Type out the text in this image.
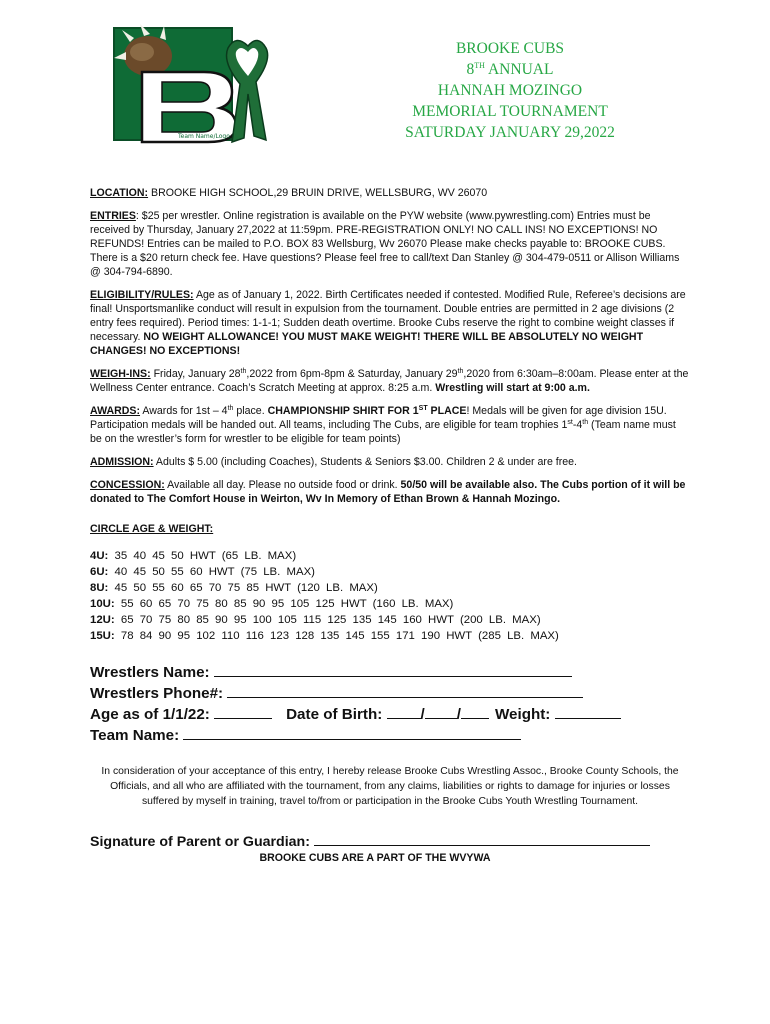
Team Name/Logo
BROOKE CUBS
8TH ANNUAL
HANNAH MOZINGO
MEMORIAL TOURNAMENT
SATURDAY JANUARY 29,2022

LOCATION: BROOKE HIGH SCHOOL,29 BRUIN DRIVE, WELLSBURG, WV 26070

ENTRIES: $25 per wrestler. Online registration is available on the PYW website (www.pywrestling.com) Entries must be received by Thursday, January 27,2022 at 11:59pm. PRE-REGISTRATION ONLY! NO CALL INS! NO EXCEPTIONS! NO REFUNDS! Entries can be mailed to P.O. BOX 83 Wellsburg, Wv 26070 Please make checks payable to: BROOKE CUBS. There is a $20 return check fee. Have questions? Please feel free to call/text Dan Stanley @ 304-479-0511 or Allison Williams @ 304-794-6890.

ELIGIBILITY/RULES: Age as of January 1, 2022. Birth Certificates needed if contested. Modified Rule, Referee’s decisions are final! Unsportsmanlike conduct will result in expulsion from the tournament. Double entries are permitted in 2 age divisions (2 entry fees required). Period times: 1-1-1; Sudden death overtime. Brooke Cubs reserve the right to combine weight classes if necessary. NO WEIGHT ALLOWANCE! YOU MUST MAKE WEIGHT! THERE WILL BE ABSOLUTELY NO WEIGHT CHANGES! NO EXCEPTIONS!

WEIGH-INS: Friday, January 28th,2022 from 6pm-8pm & Saturday, January 29th,2020 from 6:30am–8:00am. Please enter at the Wellness Center entrance. Coach’s Scratch Meeting at approx. 8:25 a.m. Wrestling will start at 9:00 a.m.

AWARDS: Awards for 1st – 4th place. CHAMPIONSHIP SHIRT FOR 1ST PLACE! Medals will be given for age division 15U. Participation medals will be handed out. All teams, including The Cubs, are eligible for team trophies 1st-4th (Team name must be on the wrestler’s form for wrestler to be eligible for team points)

ADMISSION: Adults $ 5.00 (including Coaches), Students & Seniors $3.00. Children 2 & under are free.

CONCESSION: Available all day. Please no outside food or drink. 50/50 will be available also. The Cubs portion of it will be donated to The Comfort House in Weirton, Wv In Memory of Ethan Brown & Hannah Mozingo.

CIRCLE AGE & WEIGHT:

4U: 35 40 45 50 HWT (65 LB. MAX)
6U: 40 45 50 55 60 HWT (75 LB. MAX)
8U: 45 50 55 60 65 70 75 85 HWT (120 LB. MAX)
10U: 55 60 65 70 75 80 85 90 95 105 125 HWT (160 LB. MAX)
12U: 65 70 75 80 85 90 95 100 105 115 125 135 145 160 HWT (200 LB. MAX)
15U: 78 84 90 95 102 110 116 123 128 135 145 155 171 190 HWT (285 LB. MAX)
Wrestlers Name:
Wrestlers Phone#:
Age as of 1/1/22:	Date of Birth: / / Weight:
Team Name:
In consideration of your acceptance of this entry, I hereby release Brooke Cubs Wrestling Assoc., Brooke County Schools, the Officials, and all who are affiliated with the tournament, from any claims, liabilities or rights to damage for injuries or losses suffered by myself in training, travel to/from or participation in the Brooke Cubs Youth Wrestling Tournament.
Signature of Parent or Guardian:
BROOKE CUBS ARE A PART OF THE WVYWA
